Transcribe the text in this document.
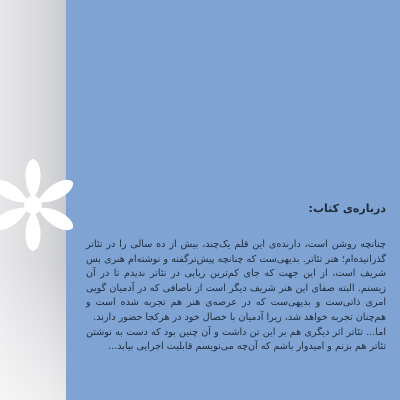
درباره‌ی کتاب:

چنانچه روشن است، دارنده‌ی این قلم یک‌چند، بیش از ده سالی را در تئاتر گذرانیده‌ام؛ هنر تئاتر. بدیهی‌ست که چنانچه پیش‌ترگفته و نوشته‌ام هنری بس شریف است، از این جهت که جای کم‌ترین ریایی در تئاتر ندیدم تا در آن زیستم. البته صفای این هنر شریف دیگر است از ناصافی که در آدمیان گویی امری ذاتی‌ست و بدیهی‌ست که در عرصه‌ی هنر هم تجربه شده است و هم‌چنان تجربه خواهد شد، زیرا آدمیان با خصال خود در هرکجا حضور دارند.

اما... تئاتر اثر دیگری هم بر این تن داشت و آن چنین بود که دست به نوشتن تئاتر هم بزنم و امیدوار باشم که آن‌چه می‌نویسم قابلیت اجرایی بیابد...
